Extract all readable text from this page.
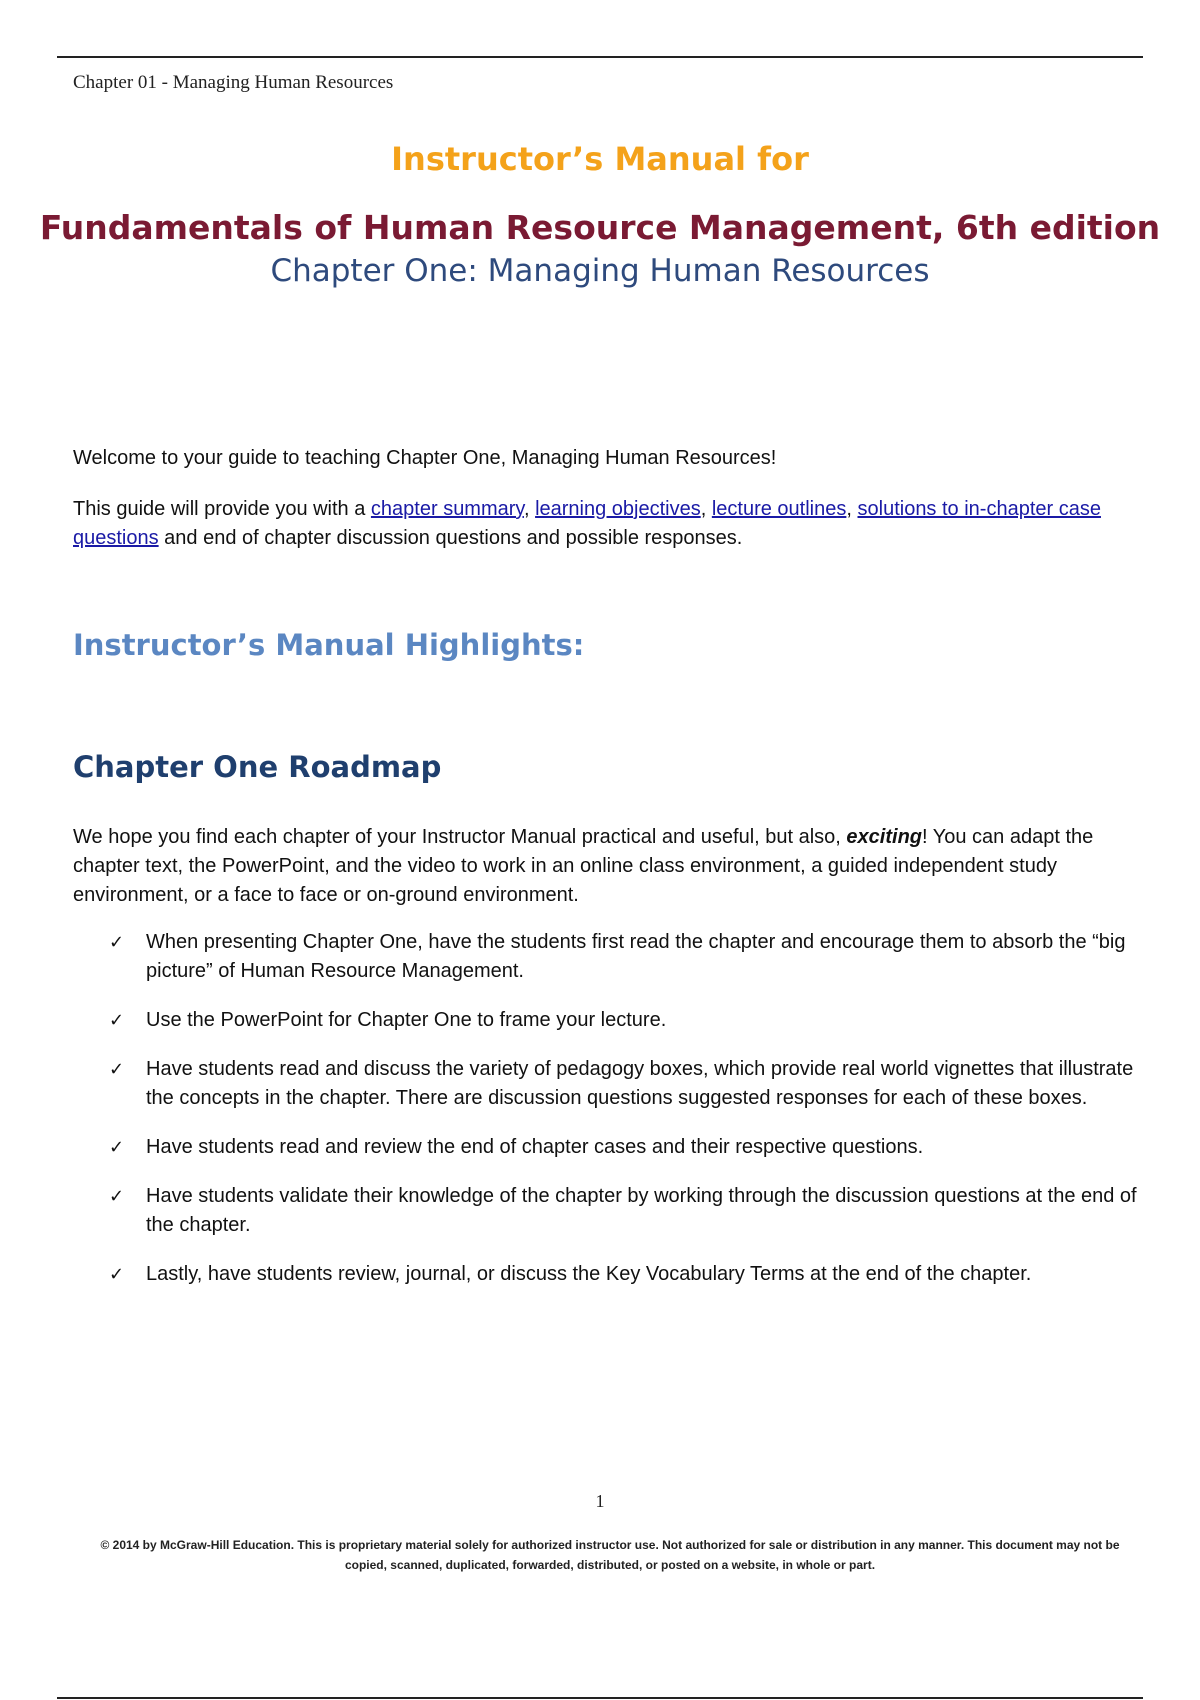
Chapter 01 - Managing Human Resources
Instructor’s Manual for
Fundamentals of Human Resource Management, 6th edition
Chapter One: Managing Human Resources
Welcome to your guide to teaching Chapter One, Managing Human Resources!
This guide will provide you with a chapter summary, learning objectives, lecture outlines, solutions to in-chapter case questions and end of chapter discussion questions and possible responses.
Instructor’s Manual Highlights:
Chapter One Roadmap
We hope you find each chapter of your Instructor Manual practical and useful, but also, exciting! You can adapt the chapter text, the PowerPoint, and the video to work in an online class environment, a guided independent study environment, or a face to face or on-ground environment.
✓ When presenting Chapter One, have the students first read the chapter and encourage them to absorb the “big picture” of Human Resource Management.
✓ Use the PowerPoint for Chapter One to frame your lecture.
✓ Have students read and discuss the variety of pedagogy boxes, which provide real world vignettes that illustrate the concepts in the chapter. There are discussion questions suggested responses for each of these boxes.
✓ Have students read and review the end of chapter cases and their respective questions.
✓ Have students validate their knowledge of the chapter by working through the discussion questions at the end of the chapter.
✓ Lastly, have students review, journal, or discuss the Key Vocabulary Terms at the end of the chapter.
1
© 2014 by McGraw-Hill Education. This is proprietary material solely for authorized instructor use. Not authorized for sale or distribution in any manner. This document may not be copied, scanned, duplicated, forwarded, distributed, or posted on a website, in whole or part.
